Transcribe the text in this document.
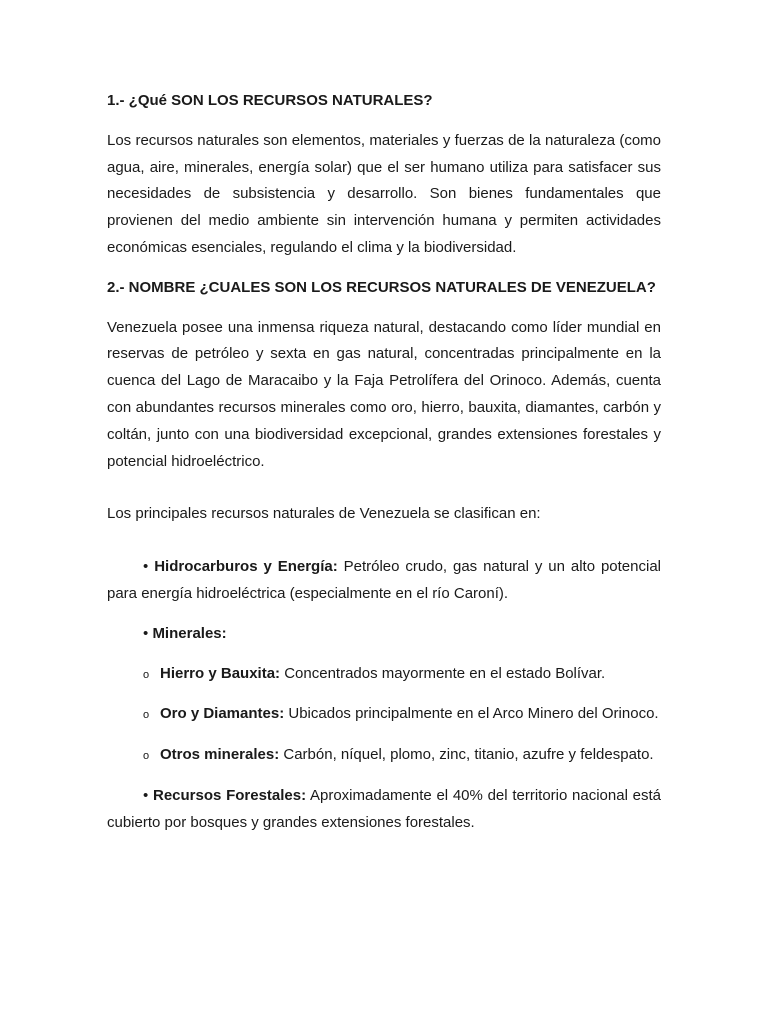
1.- ¿Qué SON LOS RECURSOS NATURALES?

Los recursos naturales son elementos, materiales y fuerzas de la naturaleza (como agua, aire, minerales, energía solar) que el ser humano utiliza para satisfacer sus necesidades de subsistencia y desarrollo. Son bienes fundamentales que provienen del medio ambiente sin intervención humana y permiten actividades económicas esenciales, regulando el clima y la biodiversidad.

2.- NOMBRE ¿CUALES SON LOS RECURSOS NATURALES DE VENEZUELA?

Venezuela posee una inmensa riqueza natural, destacando como líder mundial en reservas de petróleo y sexta en gas natural, concentradas principalmente en la cuenca del Lago de Maracaibo y la Faja Petrolífera del Orinoco. Además, cuenta con abundantes recursos minerales como oro, hierro, bauxita, diamantes, carbón y coltán, junto con una biodiversidad excepcional, grandes extensiones forestales y potencial hidroeléctrico.

Los principales recursos naturales de Venezuela se clasifican en:

• Hidrocarburos y Energía: Petróleo crudo, gas natural y un alto potencial para energía hidroeléctrica (especialmente en el río Caroní).

• Minerales:

o Hierro y Bauxita: Concentrados mayormente en el estado Bolívar.

o Oro y Diamantes: Ubicados principalmente en el Arco Minero del Orinoco.

o Otros minerales: Carbón, níquel, plomo, zinc, titanio, azufre y feldespato.

• Recursos Forestales: Aproximadamente el 40% del territorio nacional está cubierto por bosques y grandes extensiones forestales.
